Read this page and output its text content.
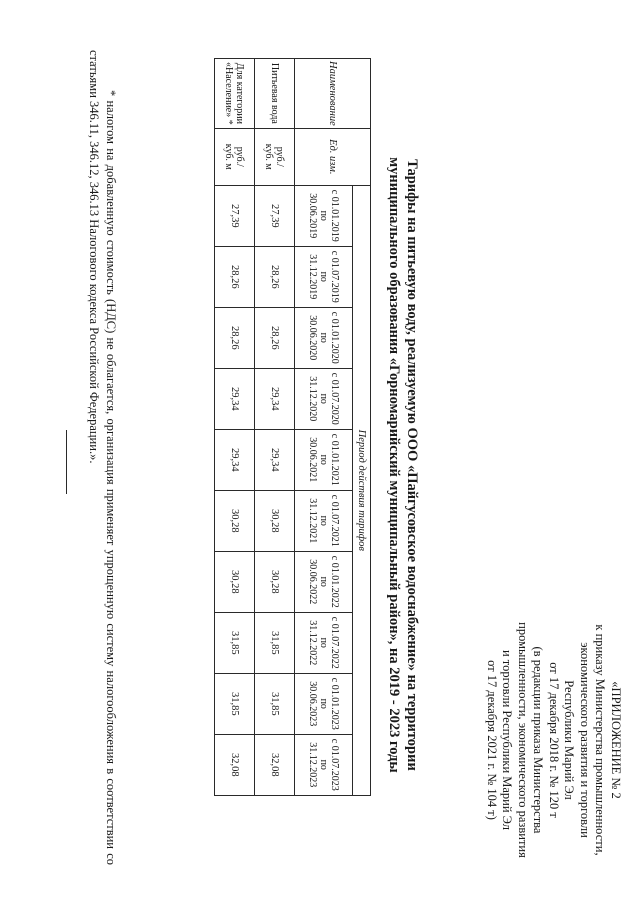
«ПРИЛОЖЕНИЕ № 2
к приказу Министерства промышленности,
экономического развития и торговли
Республики Марий Эл
от 17 декабря 2018 г. № 120 т
(в редакции приказа Министерства
промышленности, экономического развития
и торговли Республики Марий Эл
от 17 декабря 2021 г. № 104 т)
Тарифы на питьевую воду, реализуемую ООО «Пайгусовское водоснабжение» на территории
муниципального образования «Горномарийский муниципальный район», на 2019 - 2023 годы
Наименование	Ед. изм.	Период действия тарифов									
		с 01.01.2019
по
30.06.2019	с 01.07.2019
по
31.12.2019	с 01.01.2020
по
30.06.2020	с 01.07.2020
по
31.12.2020	с 01.01.2021
по
30.06.2021	с 01.07.2021
по
31.12.2021	с 01.01.2022
по
30.06.2022	с 01.07.2022
по
31.12.2022	с 01.01.2023
по
30.06.2023	с 01.07.2023
по
31.12.2023
Питьевая вода	руб./
куб. м	27,39	28,26	28,26	29,34	29,34	30,28	30,28	31,85	31,85	32,08
Для категории
«Население» *	руб./
куб. м	27,39	28,26	28,26	29,34	29,34	30,28	30,28	31,85	31,85	32,08
* налогом на добавленную стоимость (НДС) не облагается, организация применяет упрощенную систему налогообложения в соответствии со статьями 346.11, 346.12, 346.13 Налогового кодекса Российской Федерации.».
